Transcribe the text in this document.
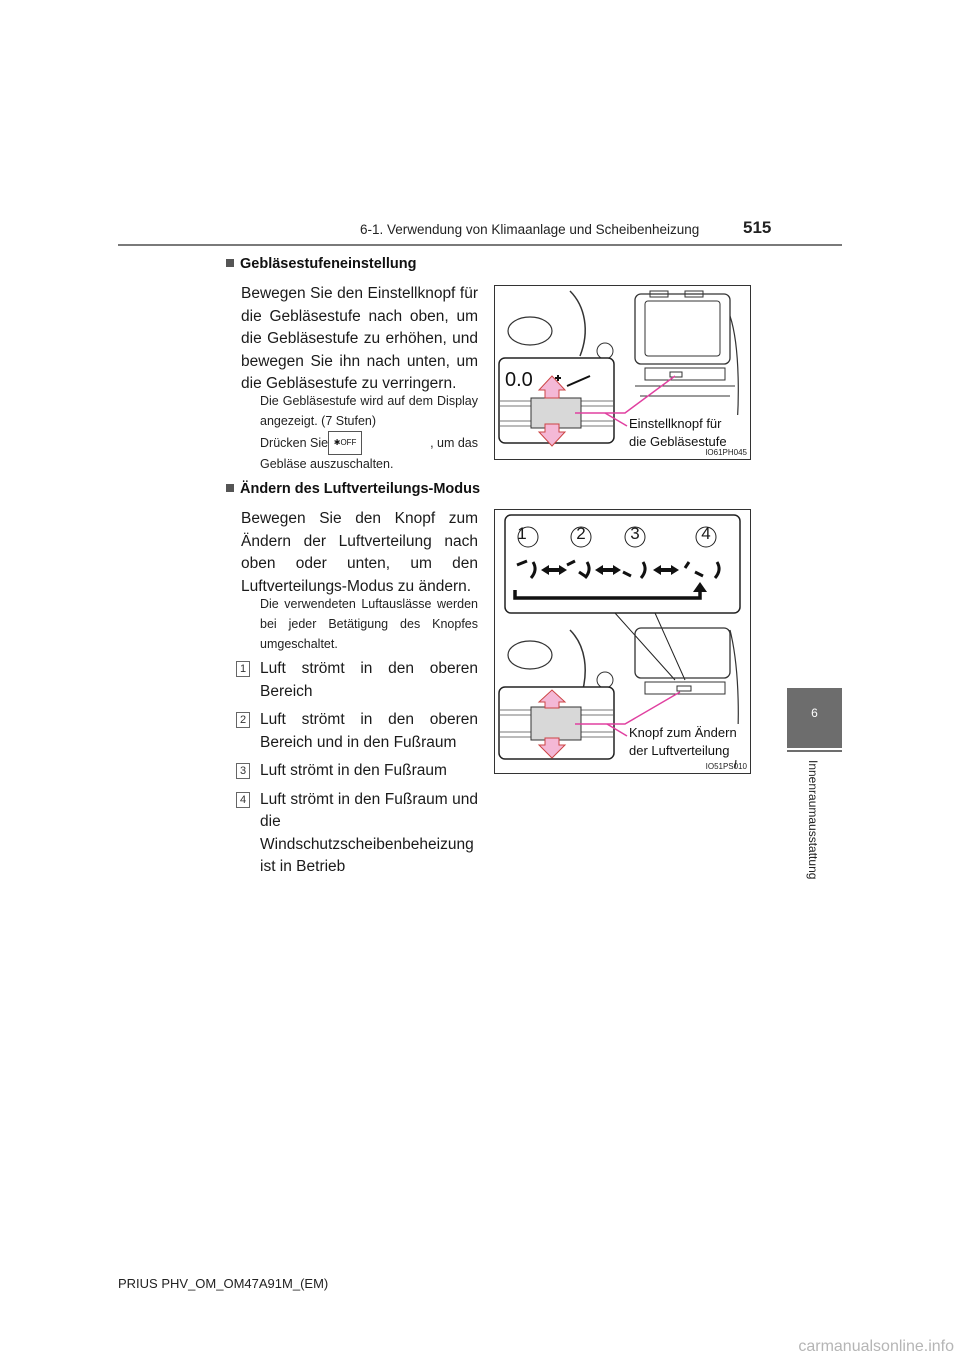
6-1. Verwendung von Klimaanlage und Scheibenheizung	515
6
Innenraumausstattung
Gebläsestufeneinstellung
Bewegen Sie den Einstellknopf für die Gebläsestufe nach oben, um die Gebläsestufe zu erhöhen, und bewegen Sie ihn nach unten, um die Gebläsestufe zu verringern.
Die Gebläsestufe wird auf dem Display angezeigt. (7 Stufen)
Drücken Sie ✱OFF	, um das
Gebläse auszuschalten.
0.0
Einstellknopf für die Gebläsestufe
IO61PH045
Ändern des Luftverteilungs-Modus
Bewegen Sie den Knopf zum Ändern der Luftverteilung nach oben oder unten, um den Luftverteilungs-Modus zu ändern.
Die verwendeten Luftauslässe werden bei jeder Betätigung des Knopfes umgeschaltet.
1 Luft strömt in den oberen Bereich
2 Luft strömt in den oberen Bereich und in den Fußraum
3 Luft strömt in den Fußraum
4 Luft strömt in den Fußraum und die Windschutzscheibenbeheizung ist in Betrieb
1	2	3	4
Knopf zum Ändern der Luftverteilung
IO51PS010
PRIUS PHV_OM_OM47A91M_(EM)
carmanualsonline.info
